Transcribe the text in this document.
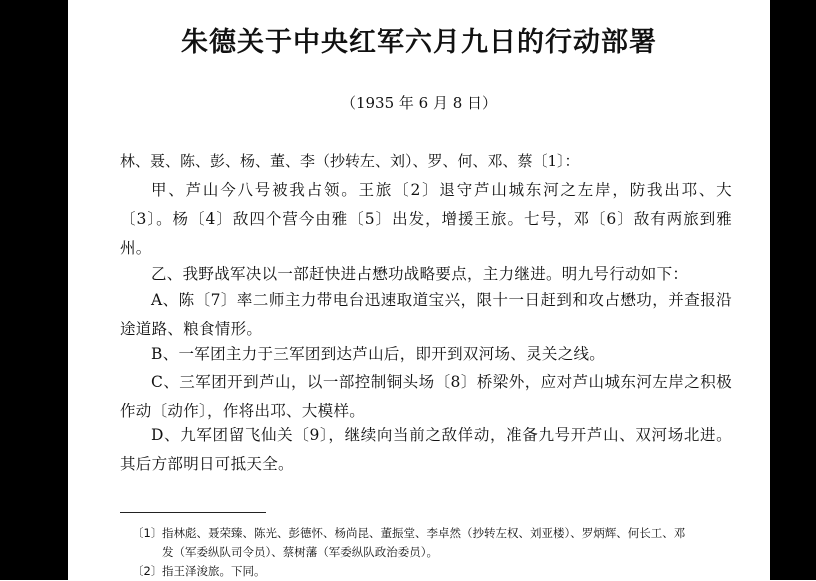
朱德关于中央红军六月九日的行动部署
（1935 年 6 月 8 日）
林、聂、陈、彭、杨、董、李（抄转左、刘）、罗、何、邓、蔡〔1〕：
甲、芦山今八号被我占领。王旅〔2〕退守芦山城东河之左岸，防我出邛、大〔3〕。杨〔4〕敌四个营今由雅〔5〕出发，增援王旅。七号，邓〔6〕敌有两旅到雅州。
乙、我野战军决以一部赶快进占懋功战略要点，主力继进。明九号行动如下：
A、陈〔7〕率二师主力带电台迅速取道宝兴，限十一日赶到和攻占懋功，并查报沿途道路、粮食情形。
B、一军团主力于三军团到达芦山后，即开到双河场、灵关之线。
C、三军团开到芦山，以一部控制铜头场〔8〕桥梁外，应对芦山城东河左岸之积极作动〔动作〕，作将出邛、大模样。
D、九军团留飞仙关〔9〕，继续向当前之敌佯动，准备九号开芦山、双河场北进。其后方部明日可抵天全。
〔1〕指林彪、聂荣臻、陈光、彭德怀、杨尚昆、董振堂、李卓然（抄转左权、刘亚楼）、罗炳辉、何长工、邓
发（军委纵队司令员）、蔡树藩（军委纵队政治委员）。
〔2〕指王泽浚旅。下同。
